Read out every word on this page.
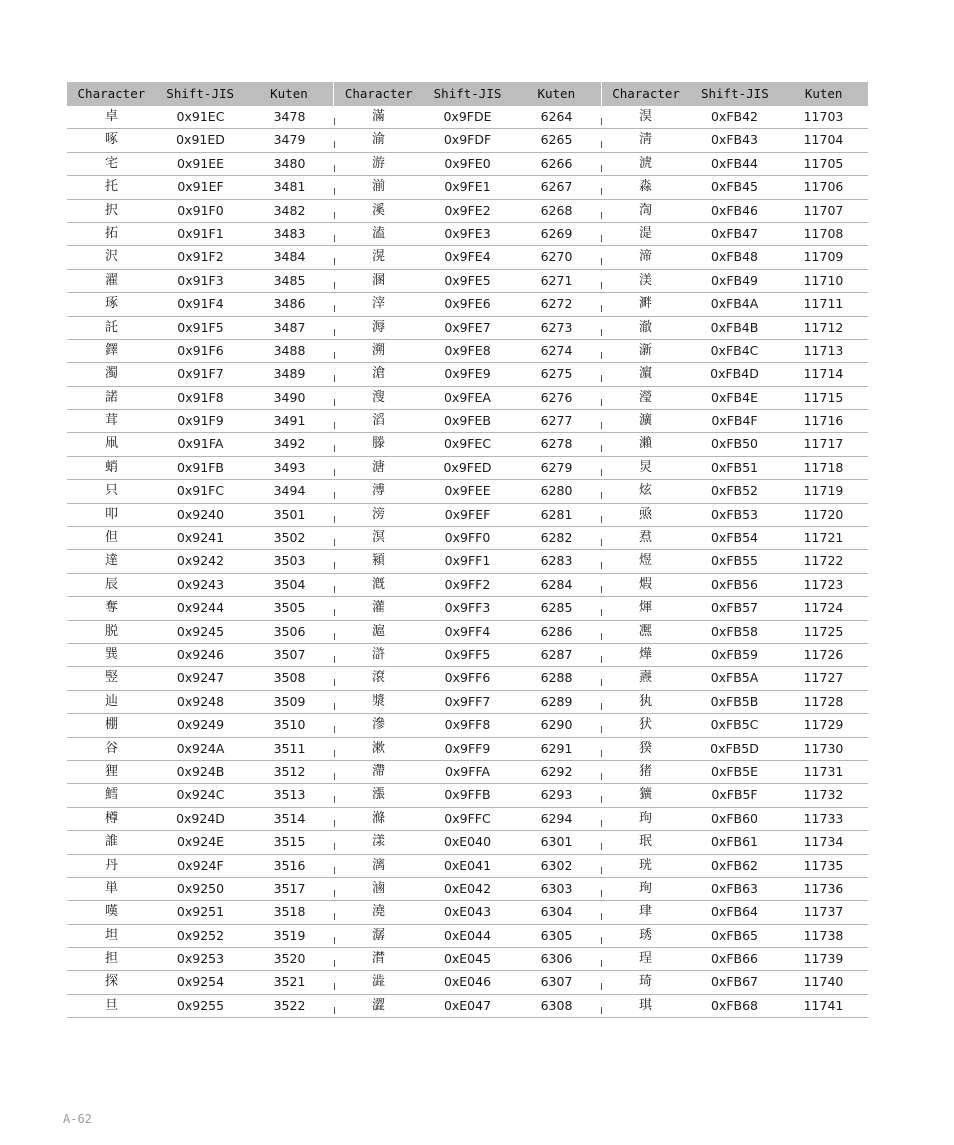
Character	Shift-JIS	Kuten	Character	Shift-JIS	Kuten	Character	Shift-JIS	Kuten
卓	0x91EC	3478	滿	0x9FDE	6264	淏	0xFB42	11703
啄	0x91ED	3479	渝	0x9FDF	6265	淸	0xFB43	11704
宅	0x91EE	3480	游	0x9FE0	6266	淲	0xFB44	11705
托	0x91EF	3481	湔	0x9FE1	6267	淼	0xFB45	11706
択	0x91F0	3482	溪	0x9FE2	6268	渹	0xFB46	11707
拓	0x91F1	3483	溘	0x9FE3	6269	湜	0xFB47	11708
沢	0x91F2	3484	滉	0x9FE4	6270	渧	0xFB48	11709
濯	0x91F3	3485	溷	0x9FE5	6271	渼	0xFB49	11710
琢	0x91F4	3486	滓	0x9FE6	6272	溿	0xFB4A	11711
託	0x91F5	3487	溽	0x9FE7	6273	澈	0xFB4B	11712
鐸	0x91F6	3488	溯	0x9FE8	6274	澵	0xFB4C	11713
濁	0x91F7	3489	滄	0x9FE9	6275	濵	0xFB4D	11714
諾	0x91F8	3490	溲	0x9FEA	6276	瀅	0xFB4E	11715
茸	0x91F9	3491	滔	0x9FEB	6277	瀇	0xFB4F	11716
凧	0x91FA	3492	滕	0x9FEC	6278	瀨	0xFB50	11717
蛸	0x91FB	3493	溏	0x9FED	6279	炅	0xFB51	11718
只	0x91FC	3494	溥	0x9FEE	6280	炫	0xFB52	11719
叩	0x9240	3501	滂	0x9FEF	6281	焏	0xFB53	11720
但	0x9241	3502	溟	0x9FF0	6282	焄	0xFB54	11721
達	0x9242	3503	潁	0x9FF1	6283	煜	0xFB55	11722
辰	0x9243	3504	漑	0x9FF2	6284	煆	0xFB56	11723
奪	0x9244	3505	灌	0x9FF3	6285	煇	0xFB57	11724
脱	0x9245	3506	滬	0x9FF4	6286	凞	0xFB58	11725
巽	0x9246	3507	滸	0x9FF5	6287	燁	0xFB59	11726
竪	0x9247	3508	滾	0x9FF6	6288	燾	0xFB5A	11727
辿	0x9248	3509	漿	0x9FF7	6289	犱	0xFB5B	11728
棚	0x9249	3510	滲	0x9FF8	6290	犾	0xFB5C	11729
谷	0x924A	3511	漱	0x9FF9	6291	猤	0xFB5D	11730
狸	0x924B	3512	滯	0x9FFA	6292	猪	0xFB5E	11731
鱈	0x924C	3513	漲	0x9FFB	6293	獷	0xFB5F	11732
樽	0x924D	3514	滌	0x9FFC	6294	玽	0xFB60	11733
誰	0x924E	3515	漾	0xE040	6301	珉	0xFB61	11734
丹	0x924F	3516	漓	0xE041	6302	珖	0xFB62	11735
単	0x9250	3517	滷	0xE042	6303	珣	0xFB63	11736
嘆	0x9251	3518	澆	0xE043	6304	珒	0xFB64	11737
坦	0x9252	3519	潺	0xE044	6305	琇	0xFB65	11738
担	0x9253	3520	潸	0xE045	6306	珵	0xFB66	11739
探	0x9254	3521	澁	0xE046	6307	琦	0xFB67	11740
旦	0x9255	3522	澀	0xE047	6308	琪	0xFB68	11741
A-62
